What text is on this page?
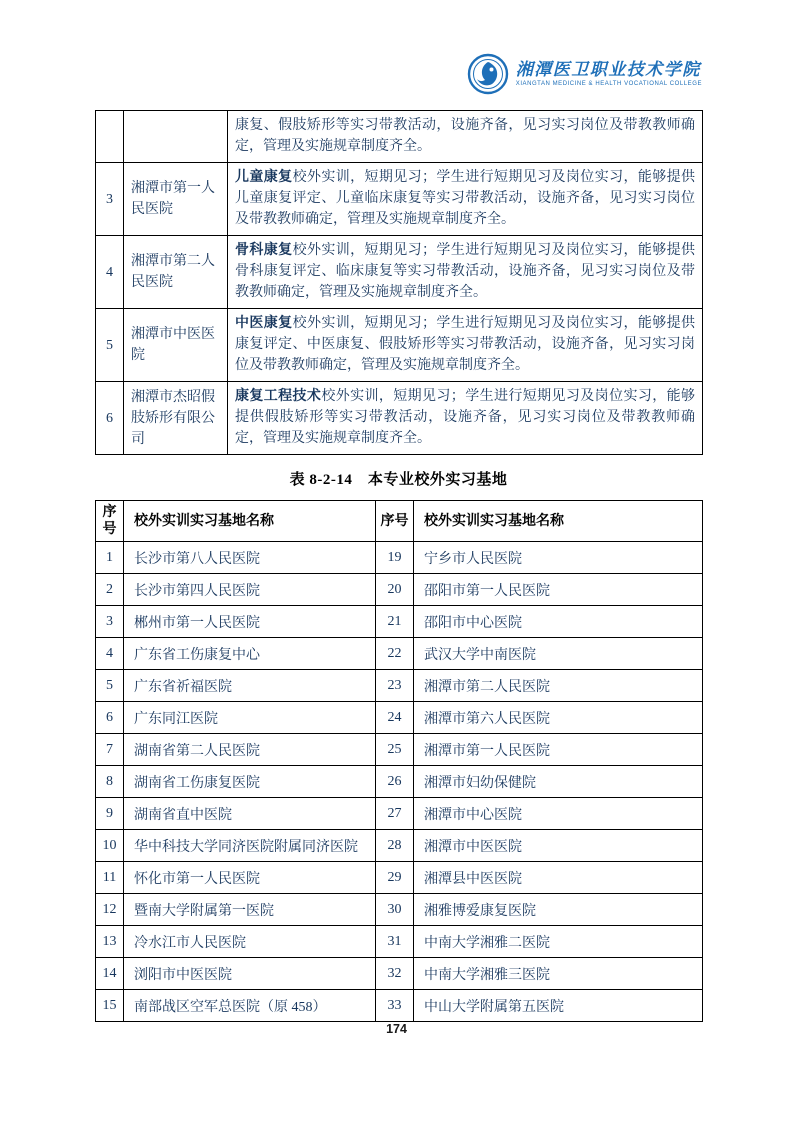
湘潭医卫职业技术学院
XIANGTAN MEDICINE & HEALTH VOCATIONAL COLLEGE
		康复、假肢矫形等实习带教活动，设施齐备，见习实习岗位及带教教师确定，管理及实施规章制度齐全。
3	湘潭市第一人民医院	儿童康复校外实训，短期见习；学生进行短期见习及岗位实习，能够提供儿童康复评定、儿童临床康复等实习带教活动，设施齐备，见习实习岗位及带教教师确定，管理及实施规章制度齐全。
4	湘潭市第二人民医院	骨科康复校外实训，短期见习；学生进行短期见习及岗位实习，能够提供骨科康复评定、临床康复等实习带教活动，设施齐备，见习实习岗位及带教教师确定，管理及实施规章制度齐全。
5	湘潭市中医医院	中医康复校外实训，短期见习；学生进行短期见习及岗位实习，能够提供康复评定、中医康复、假肢矫形等实习带教活动，设施齐备，见习实习岗位及带教教师确定，管理及实施规章制度齐全。
6	湘潭市杰昭假肢矫形有限公司	康复工程技术校外实训，短期见习；学生进行短期见习及岗位实习，能够提供假肢矫形等实习带教活动，设施齐备，见习实习岗位及带教教师确定，管理及实施规章制度齐全。
表 8-2-14　本专业校外实习基地
序号	校外实训实习基地名称	序号	校外实训实习基地名称
1	长沙市第八人民医院	19	宁乡市人民医院
2	长沙市第四人民医院	20	邵阳市第一人民医院
3	郴州市第一人民医院	21	邵阳市中心医院
4	广东省工伤康复中心	22	武汉大学中南医院
5	广东省祈福医院	23	湘潭市第二人民医院
6	广东同江医院	24	湘潭市第六人民医院
7	湖南省第二人民医院	25	湘潭市第一人民医院
8	湖南省工伤康复医院	26	湘潭市妇幼保健院
9	湖南省直中医院	27	湘潭市中心医院
10	华中科技大学同济医院附属同济医院	28	湘潭市中医医院
11	怀化市第一人民医院	29	湘潭县中医医院
12	暨南大学附属第一医院	30	湘雅博爱康复医院
13	冷水江市人民医院	31	中南大学湘雅二医院
14	浏阳市中医医院	32	中南大学湘雅三医院
15	南部战区空军总医院（原 458）	33	中山大学附属第五医院
174
